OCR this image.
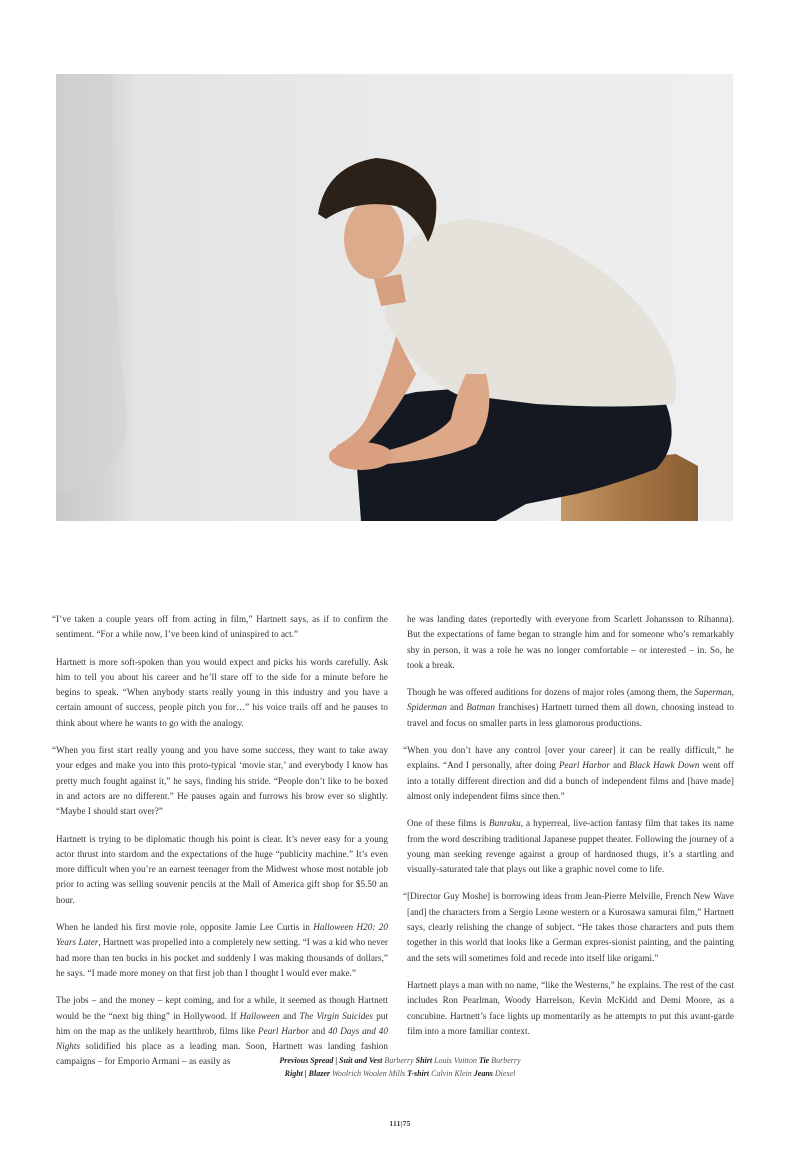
“I’ve taken a couple years off from acting in film,” Hartnett says, as if to confirm the sentiment. “For a while now, I’ve been kind of uninspired to act.”

Hartnett is more soft-spoken than you would expect and picks his words carefully. Ask him to tell you about his career and he’ll stare off to the side for a minute before he begins to speak. “When anybody starts really young in this industry and you have a certain amount of success, people pitch you for…” his voice trails off and he pauses to think about where he wants to go with the analogy.

“When you first start really young and you have some success, they want to take away your edges and make you into this proto-typical ‘movie star,’ and everybody I know has pretty much fought against it,” he says, finding his stride. “People don’t like to be boxed in and actors are no different.” He pauses again and furrows his brow ever so slightly. “Maybe I should start over?”

Hartnett is trying to be diplomatic though his point is clear. It’s never easy for a young actor thrust into stardom and the expectations of the huge “publicity machine.” It’s even more difficult when you’re an earnest teenager from the Midwest whose most notable job prior to acting was selling souvenir pencils at the Mall of America gift shop for $5.50 an hour.

When he landed his first movie role, opposite Jamie Lee Curtis in Halloween H20: 20 Years Later, Hartnett was propelled into a completely new setting. “I was a kid who never had more than ten bucks in his pocket and suddenly I was making thousands of dollars,” he says. “I made more money on that first job than I thought I would ever make.”

The jobs – and the money – kept coming, and for a while, it seemed as though Hartnett would be the “next big thing” in Hollywood. If Halloween and The Virgin Suicides put him on the map as the unlikely heartthrob, films like Pearl Harbor and 40 Days and 40 Nights solidified his place as a leading man. Soon, Hartnett was landing fashion campaigns – for Emporio Armani – as easily as

he was landing dates (reportedly with everyone from Scarlett Johansson to Rihanna). But the expectations of fame began to strangle him and for someone who’s remarkably shy in person, it was a role he was no longer comfortable – or interested – in. So, he took a break.

Though he was offered auditions for dozens of major roles (among them, the Superman, Spiderman and Batman franchises) Hartnett turned them all down, choosing instead to travel and focus on smaller parts in less glamorous productions.

“When you don’t have any control [over your career] it can be really difficult,” he explains. “And I personally, after doing Pearl Harbor and Black Hawk Down went off into a totally different direction and did a bunch of independent films and [have made] almost only independent films since then.”

One of these films is Bunraku, a hyperreal, live-action fantasy film that takes its name from the word describing traditional Japanese puppet theater. Following the journey of a young man seeking revenge against a group of hardnosed thugs, it’s a startling and visually-saturated tale that plays out like a graphic novel come to life.

“[Director Guy Moshe] is borrowing ideas from Jean-Pierre Melville, French New Wave [and] the characters from a Sergio Leone western or a Kurosawa samurai film,” Hartnett says, clearly relishing the change of subject. “He takes those characters and puts them together in this world that looks like a German expres-sionist painting, and the painting and the sets will sometimes fold and recede into itself like origami.”

Hartnett plays a man with no name, “like the Westerns,” he explains. The rest of the cast includes Ron Pearlman, Woody Harrelson, Kevin McKidd and Demi Moore, as a concubine. Hartnett’s face lights up momentarily as he attempts to put this avant-garde film into a more familiar context.

Previous Spread | Suit and Vest Burberry Shirt Louis Vuitton Tie Burberry
Right | Blazer Woolrich Woolen Mills T-shirt Calvin Klein Jeans Diesel
111|75
